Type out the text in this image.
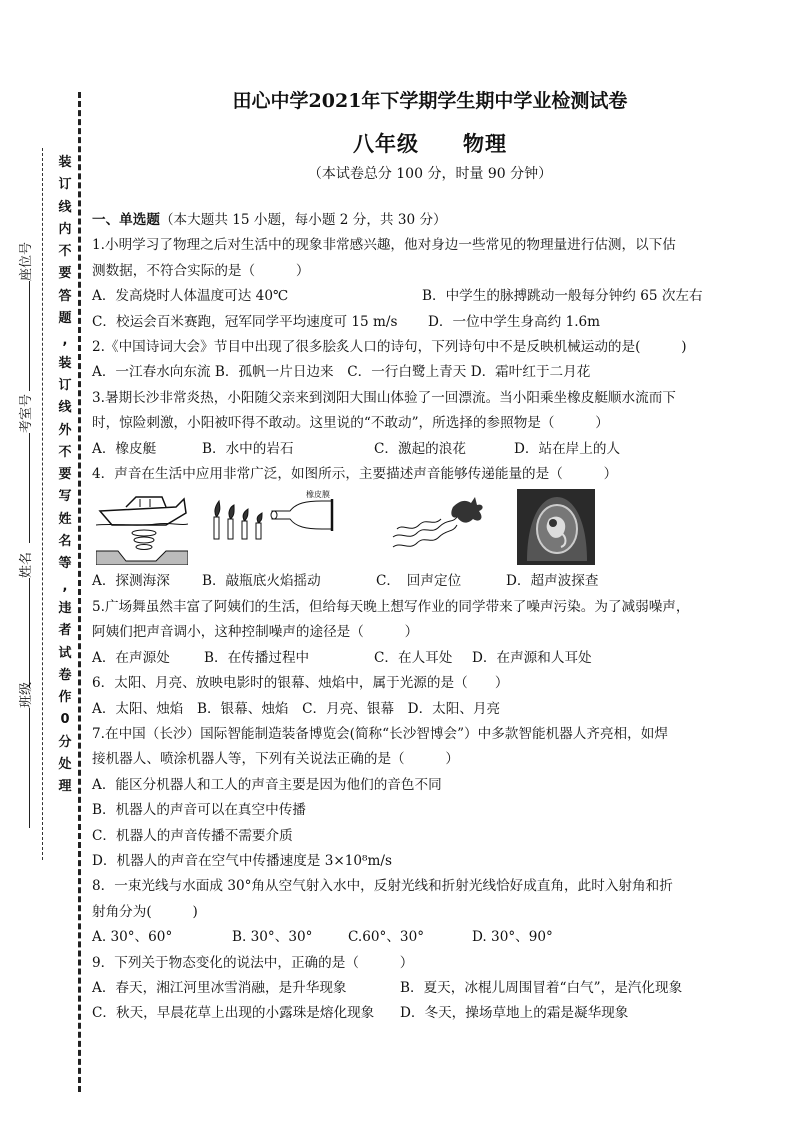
装
订
线
内
不
要
答
题
,
装
订
线
外
不
要
写
姓
名
等
,
违
者
试
卷
作
0
分
处
理
座位号
考室号
姓名
班级
田心中学2021年下学期学生期中学业检测试卷
八年级 物理
（本试卷总分 100 分，时量 90 分钟）

一、单选题（本大题共 15 小题，每小题 2 分，共 30 分）

1.小明学习了物理之后对生活中的现象非常感兴趣，他对身边一些常见的物理量进行估测，以下估

测数据，不符合实际的是（　　　）

A．发高烧时人体温度可达 40℃	B．中学生的脉搏跳动一般每分钟约 65 次左右
C．校运会百米赛跑，冠军同学平均速度可 15 m/s	D．一位中学生身高约 1.6m

2.《中国诗词大会》节目中出现了很多脍炙人口的诗句，下列诗句中不是反映机械运动的是(　　　)

A．一江春水向东流 B．孤帆一片日边来　C．一行白鹭上青天 D．霜叶红于二月花

3.暑期长沙非常炎热，小阳随父亲来到浏阳大围山体验了一回漂流。当小阳乘坐橡皮艇顺水流而下

时，惊险刺激，小阳被吓得不敢动。这里说的“不敢动”，所选择的参照物是（　　　）

A．橡皮艇	B．水中的岩石	C．激起的浪花	D．站在岸上的人

4．声音在生活中应用非常广泛，如图所示，主要描述声音能够传递能量的是（　　　）

橡皮膜
A．探测海深	B．敲瓶底火焰摇动	C．　回声定位	D．超声波探查

5.广场舞虽然丰富了阿姨们的生活，但给每天晚上想写作业的同学带来了噪声污染。为了减弱噪声，

阿姨们把声音调小，这种控制噪声的途径是（　　　）

A．在声源处	B．在传播过程中	C．在人耳处	D．在声源和人耳处

6．太阳、月亮、放映电影时的银幕、烛焰中，属于光源的是（　　）

A．太阳、烛焰　B．银幕、烛焰　C．月亮、银幕　D．太阳、月亮

7.在中国（长沙）国际智能制造装备博览会(简称“长沙智博会”）中多款智能机器人齐亮相，如焊

接机器人、喷涂机器人等，下列有关说法正确的是（　　　）

A．能区分机器人和工人的声音主要是因为他们的音色不同

B．机器人的声音可以在真空中传播

C．机器人的声音传播不需要介质

D．机器人的声音在空气中传播速度是 3×10⁸m/s

8．一束光线与水面成 30°角从空气射入水中，反射光线和折射光线恰好成直角，此时入射角和折

射角分为(　　　)

A. 30°、60°	B. 30°、30°	C.60°、30°	D. 30°、90°

9．下列关于物态变化的说法中，正确的是（　　　）

A．春天，湘江河里冰雪消融，是升华现象	B．夏天，冰棍儿周围冒着“白气”，是汽化现象
C．秋天，早晨花草上出现的小露珠是熔化现象	D．冬天，操场草地上的霜是凝华现象
